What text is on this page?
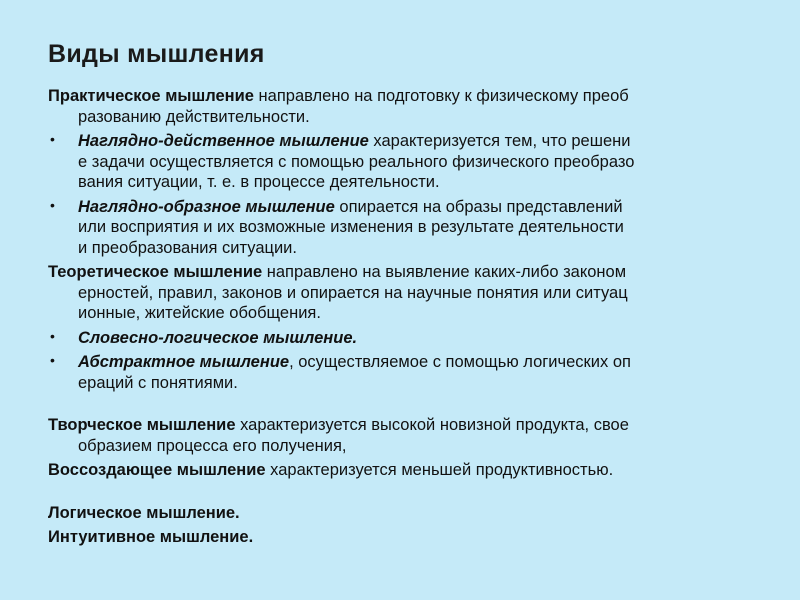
Виды мышления
Практическое мышление направлено на подготовку к физическому преоб
разованию действительности.
• Наглядно-действенное мышление характеризуется тем, что решени
е задачи осуществляется с помощью реального физического преобразо
вания ситуации, т. е. в процессе деятельности.
• Наглядно-образное мышление опирается на образы представлений
или восприятия и их возможные изменения в результате деятельности
и преобразования ситуации.
Теоретическое мышление направлено на выявление каких-либо законом
ерностей, правил, законов и опирается на научные понятия или ситуац
ионные, житейские обобщения.
• Словесно-логическое мышление.
• Абстрактное мышление, осуществляемое с помощью логических оп
ераций с понятиями.
Творческое мышление характеризуется высокой новизной продукта, свое
образием процесса его получения,
Воссоздающее мышление характеризуется меньшей продуктивностью.
Логическое мышление.
Интуитивное мышление.
